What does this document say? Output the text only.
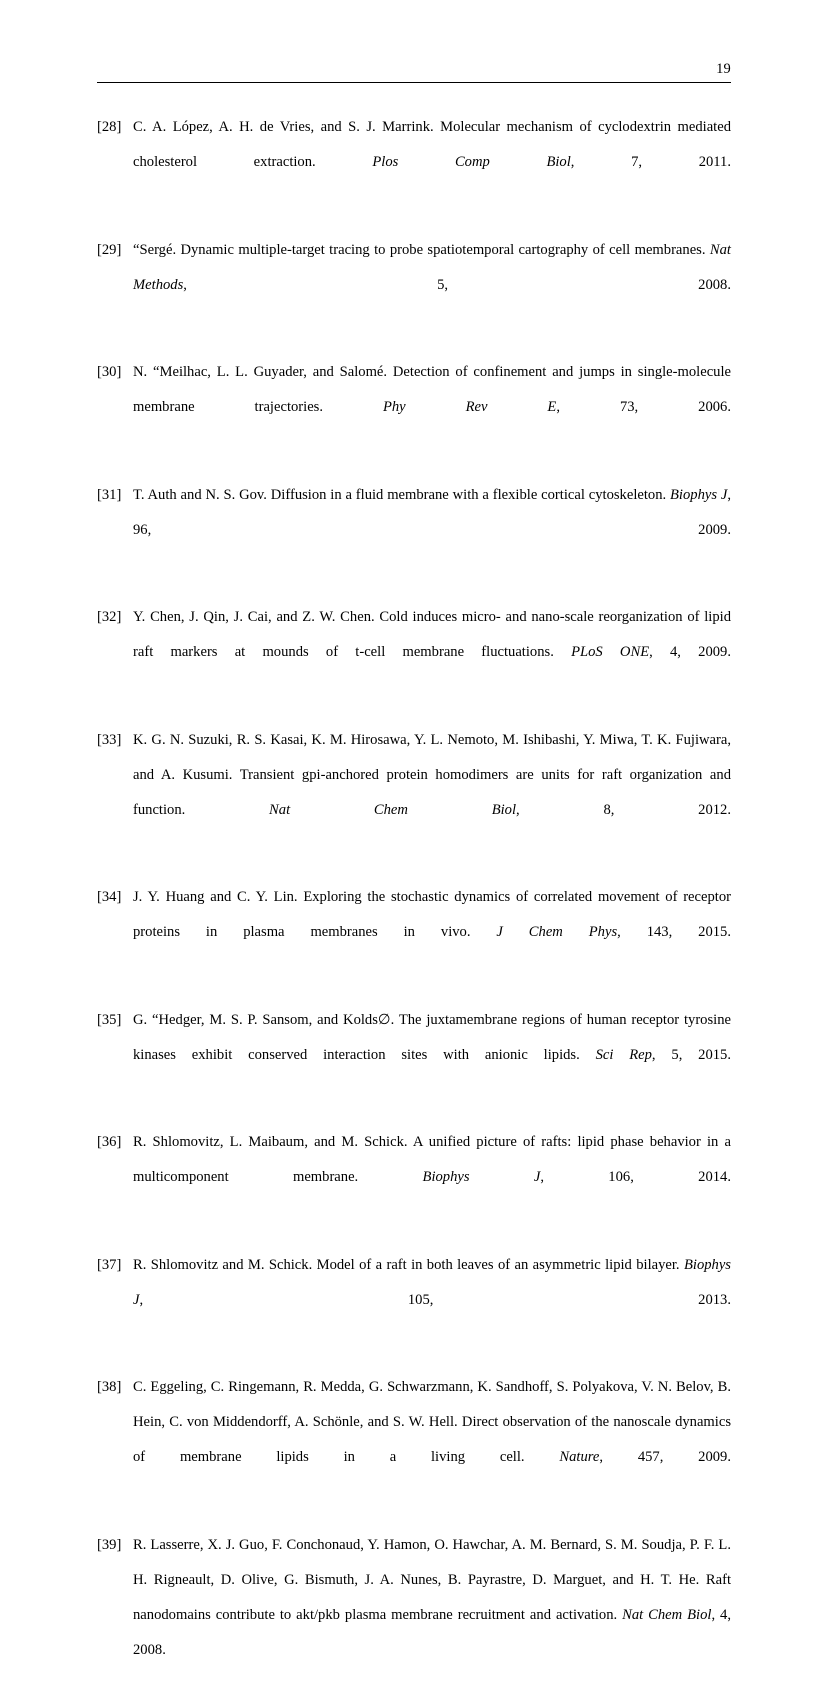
19
[28] C. A. López, A. H. de Vries, and S. J. Marrink. Molecular mechanism of cyclodextrin mediated cholesterol extraction. Plos Comp Biol, 7, 2011.
[29] “Sergé. Dynamic multiple-target tracing to probe spatiotemporal cartography of cell membranes. Nat Methods, 5, 2008.
[30] N. “Meilhac, L. L. Guyader, and Salomé. Detection of confinement and jumps in single-molecule membrane trajectories. Phy Rev E, 73, 2006.
[31] T. Auth and N. S. Gov. Diffusion in a fluid membrane with a flexible cortical cytoskeleton. Biophys J, 96, 2009.
[32] Y. Chen, J. Qin, J. Cai, and Z. W. Chen. Cold induces micro- and nano-scale reorganization of lipid raft markers at mounds of t-cell membrane fluctuations. PLoS ONE, 4, 2009.
[33] K. G. N. Suzuki, R. S. Kasai, K. M. Hirosawa, Y. L. Nemoto, M. Ishibashi, Y. Miwa, T. K. Fujiwara, and A. Kusumi. Transient gpi-anchored protein homodimers are units for raft organization and function. Nat Chem Biol, 8, 2012.
[34] J. Y. Huang and C. Y. Lin. Exploring the stochastic dynamics of correlated movement of receptor proteins in plasma membranes in vivo. J Chem Phys, 143, 2015.
[35] G. “Hedger, M. S. P. Sansom, and Kolds∅. The juxtamembrane regions of human receptor tyrosine kinases exhibit conserved interaction sites with anionic lipids. Sci Rep, 5, 2015.
[36] R. Shlomovitz, L. Maibaum, and M. Schick. A unified picture of rafts: lipid phase behavior in a multicomponent membrane. Biophys J, 106, 2014.
[37] R. Shlomovitz and M. Schick. Model of a raft in both leaves of an asymmetric lipid bilayer. Biophys J, 105, 2013.
[38] C. Eggeling, C. Ringemann, R. Medda, G. Schwarzmann, K. Sandhoff, S. Polyakova, V. N. Belov, B. Hein, C. von Middendorff, A. Schönle, and S. W. Hell. Direct observation of the nanoscale dynamics of membrane lipids in a living cell. Nature, 457, 2009.
[39] R. Lasserre, X. J. Guo, F. Conchonaud, Y. Hamon, O. Hawchar, A. M. Bernard, S. M. Soudja, P. F. L. H. Rigneault, D. Olive, G. Bismuth, J. A. Nunes, B. Payrastre, D. Marguet, and H. T. He. Raft nanodomains contribute to akt/pkb plasma membrane recruitment and activation. Nat Chem Biol, 4, 2008.
